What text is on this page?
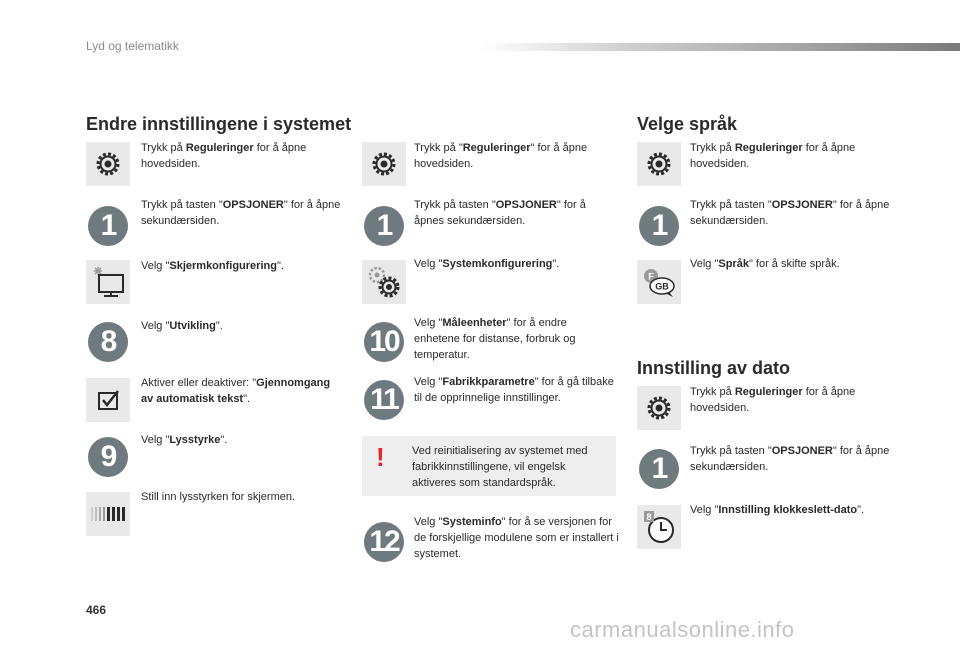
Lyd og telematikk
Endre innstillingene i systemet	Velge språk
Innstilling av dato
Trykk på Reguleringer for å åpne hovedsiden.
1
Trykk på tasten "OPSJONER" for å åpne sekundærsiden.
Velg "Skjermkonfigurering".
8	Velg "Utvikling".
Aktiver eller deaktiver: "Gjennomgang av automatisk tekst".
9	Velg "Lysstyrke".
Still inn lysstyrken for skjermen.
Trykk på "Reguleringer" for å åpne hovedsiden.
1
Trykk på tasten "OPSJONER" for å åpnes sekundærsiden.
Velg "Systemkonfigurering".
10
Velg "Måleenheter" for å endre enhetene for distanse, forbruk og temperatur.
11
Velg "Fabrikkparametre" for å gå tilbake til de opprinnelige innstillinger.
! Ved reinitialisering av systemet med fabrikkinnstillingene, vil engelsk aktiveres som standardspråk.
12
Velg "Systeminfo" for å se versjonen for de forskjellige modulene som er installert i systemet.
Trykk på Reguleringer for å åpne hovedsiden.
1
Trykk på tasten "OPSJONER" for å åpne sekundærsiden.
F
GB
Velg "Språk" for å skifte språk.
Trykk på Reguleringer for å åpne hovedsiden.
1
Trykk på tasten "OPSJONER" for å åpne sekundærsiden.
8
Velg "Innstilling klokkeslett-dato".
466
carmanualsonline.info
